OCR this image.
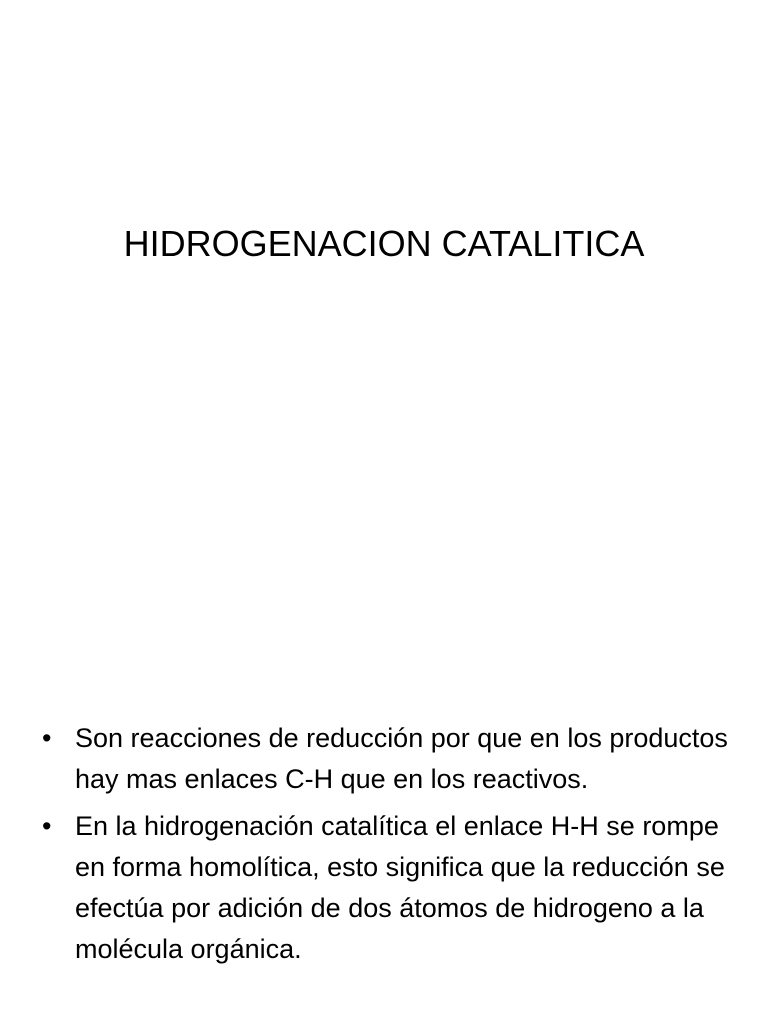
HIDROGENACION CATALITICA
• Son reacciones de reducción por que en los productos hay mas enlaces C-H que en los reactivos.
• En la hidrogenación catalítica el enlace H-H se rompe en forma homolítica, esto significa que la reducción se efectúa por adición de dos átomos de hidrogeno a la molécula orgánica.
